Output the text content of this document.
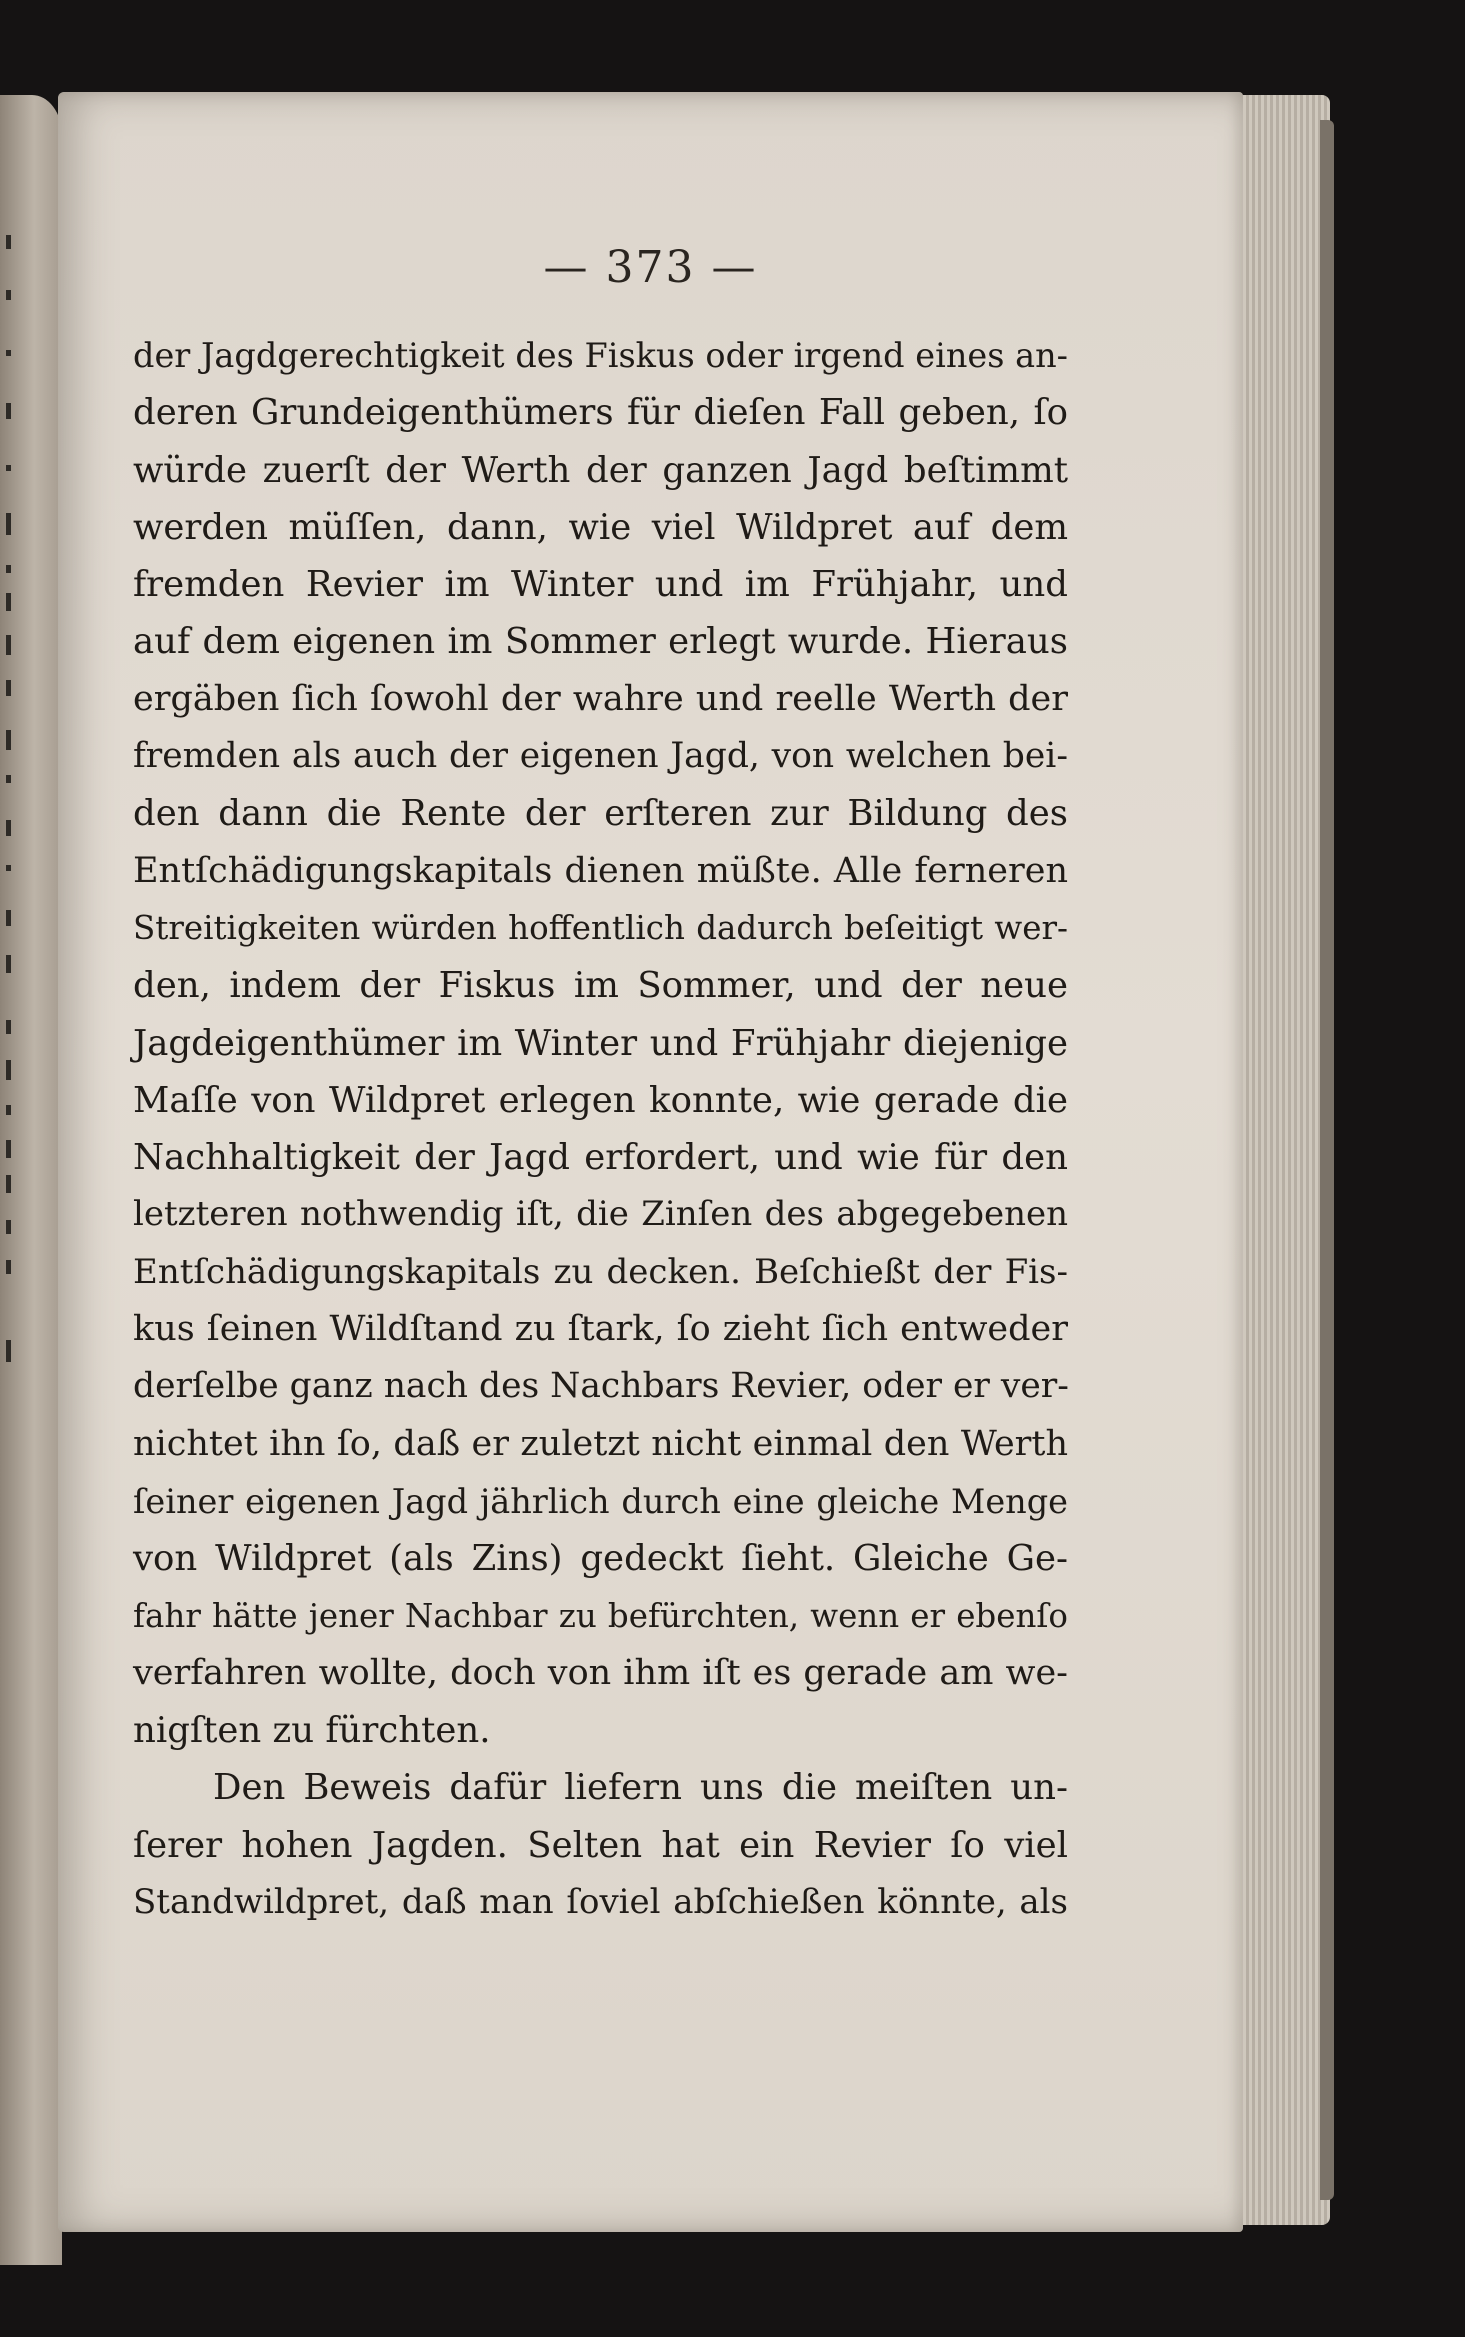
— 373 —
der Jagdgerechtigkeit des Fiskus oder irgend eines an-
deren Grundeigenthümers für dieſen Fall geben, ſo
würde zuerſt der Werth der ganzen Jagd beſtimmt
werden müſſen, dann, wie viel Wildpret auf dem
fremden Revier im Winter und im Frühjahr, und
auf dem eigenen im Sommer erlegt wurde. Hieraus
ergäben ſich ſowohl der wahre und reelle Werth der
fremden als auch der eigenen Jagd, von welchen bei-
den dann die Rente der erſteren zur Bildung des
Entſchädigungskapitals dienen müßte. Alle ferneren
Streitigkeiten würden hoffentlich dadurch beſeitigt wer-
den, indem der Fiskus im Sommer, und der neue
Jagdeigenthümer im Winter und Frühjahr diejenige
Maſſe von Wildpret erlegen konnte, wie gerade die
Nachhaltigkeit der Jagd erfordert, und wie für den
letzteren nothwendig iſt, die Zinſen des abgegebenen
Entſchädigungskapitals zu decken. Beſchießt der Fis-
kus ſeinen Wildſtand zu ſtark, ſo zieht ſich entweder
derſelbe ganz nach des Nachbars Revier, oder er ver-
nichtet ihn ſo, daß er zuletzt nicht einmal den Werth
ſeiner eigenen Jagd jährlich durch eine gleiche Menge
von Wildpret (als Zins) gedeckt ſieht. Gleiche Ge-
fahr hätte jener Nachbar zu befürchten, wenn er ebenſo
verfahren wollte, doch von ihm iſt es gerade am we-
nigſten zu fürchten.
Den Beweis dafür liefern uns die meiſten un-
ſerer hohen Jagden. Selten hat ein Revier ſo viel
Standwildpret, daß man ſoviel abſchießen könnte, als
